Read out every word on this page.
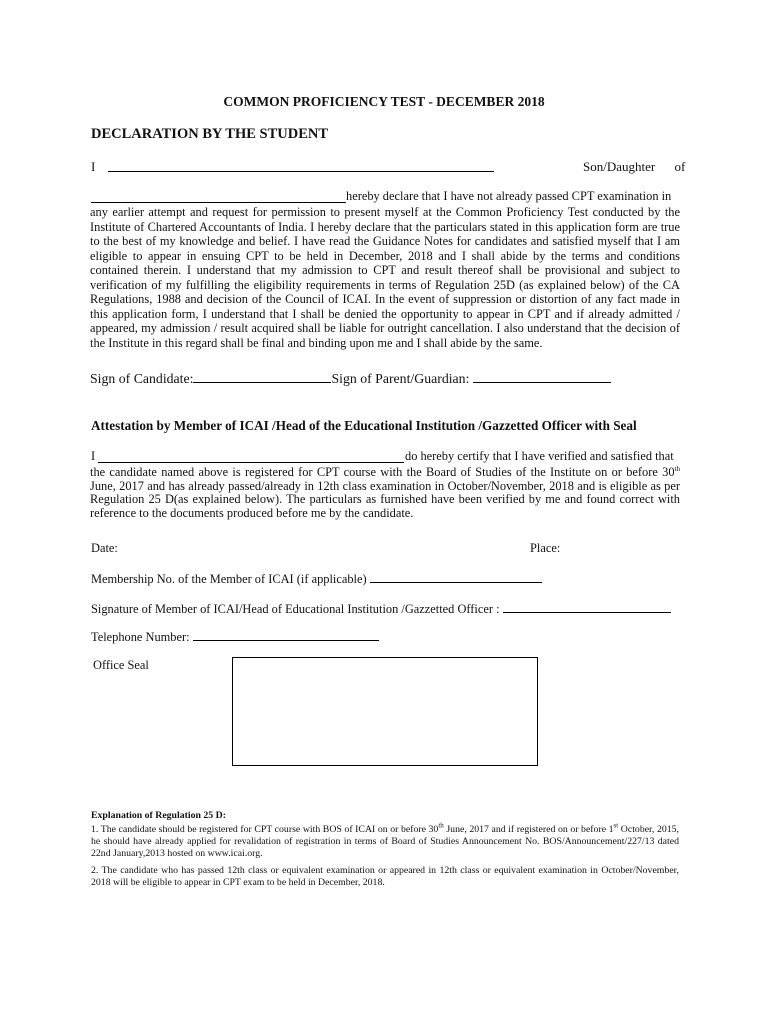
COMMON PROFICIENCY TEST - DECEMBER 2018
DECLARATION BY THE STUDENT
I	Son/Daughter of
hereby declare that I have not already passed CPT examination in
any earlier attempt and request for permission to present myself at the Common Proficiency Test conducted by the Institute of Chartered Accountants of India. I hereby declare that the particulars stated in this application form are true to the best of my knowledge and belief. I have read the Guidance Notes for candidates and satisfied myself that I am eligible to appear in ensuing CPT to be held in December, 2018 and I shall abide by the terms and conditions contained therein. I understand that my admission to CPT and result thereof shall be provisional and subject to verification of my fulfilling the eligibility requirements in terms of Regulation 25D (as explained below) of the CA Regulations, 1988 and decision of the Council of ICAI. In the event of suppression or distortion of any fact made in this application form, I understand that I shall be denied the opportunity to appear in CPT and if already admitted / appeared, my admission / result acquired shall be liable for outright cancellation. I also understand that the decision of the Institute in this regard shall be final and binding upon me and I shall abide by the same.
Sign of Candidate:	Sign of Parent/Guardian:
Attestation by Member of ICAI /Head of the Educational Institution /Gazzetted Officer with Seal
I	do hereby certify that I have verified and satisfied that
the candidate named above is registered for CPT course with the Board of Studies of the Institute on or before 30th June, 2017 and has already passed/already in 12th class examination in October/November, 2018 and is eligible as per Regulation 25 D(as explained below). The particulars as furnished have been verified by me and found correct with reference to the documents produced before me by the candidate.
Date:	Place:
Membership No. of the Member of ICAI (if applicable)
Signature of Member of ICAI/Head of Educational Institution /Gazzetted Officer :
Telephone Number:
Office Seal
Explanation of Regulation 25 D:
1. The candidate should be registered for CPT course with BOS of ICAI on or before 30th June, 2017 and if registered on or before 1st October, 2015, he should have already applied for revalidation of registration in terms of Board of Studies Announcement No. BOS/Announcement/227/13 dated 22nd January,2013 hosted on www.icai.org.
2. The candidate who has passed 12th class or equivalent examination or appeared in 12th class or equivalent examination in October/November, 2018 will be eligible to appear in CPT exam to be held in December, 2018.
